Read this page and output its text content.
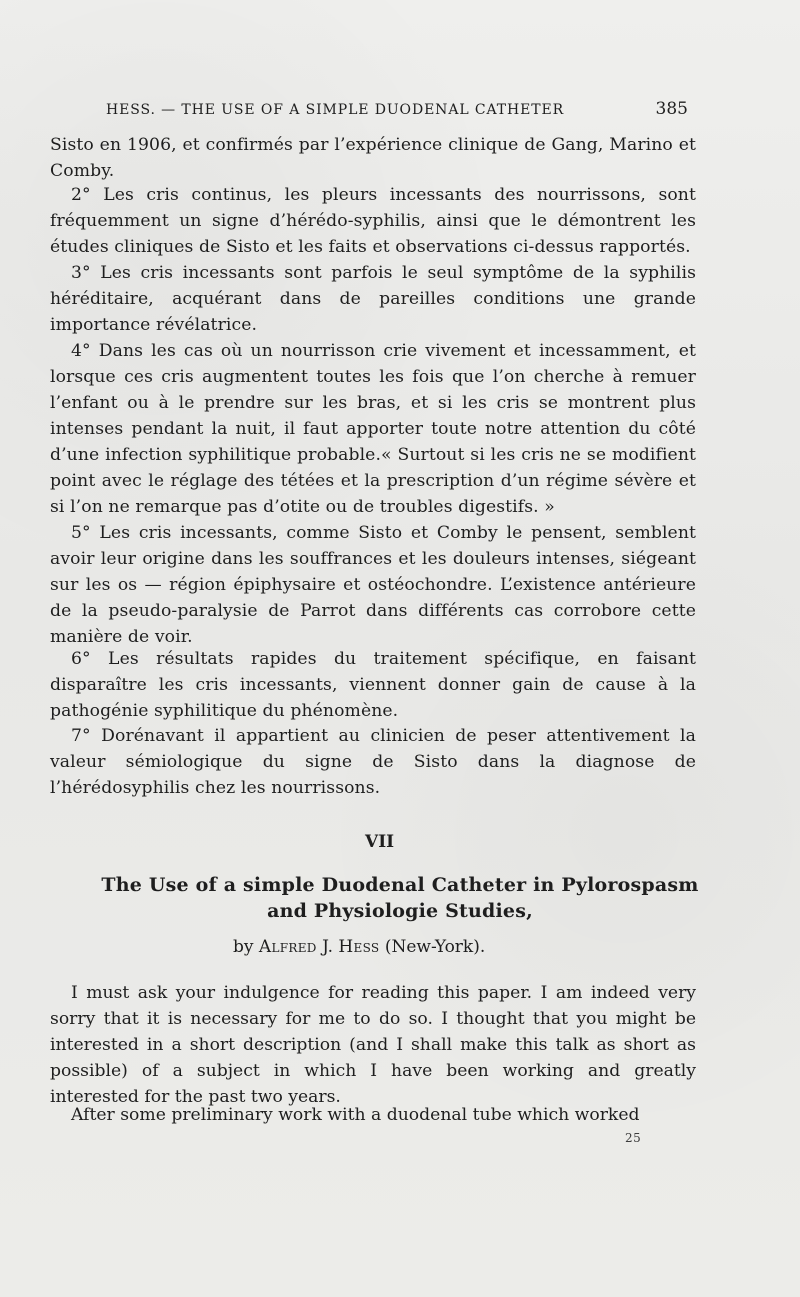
HESS. — THE USE OF A SIMPLE DUODENAL CATHETER	385
Sisto en 1906, et confirmés par l’expérience clinique de Gang, Marino et Comby.
2° Les cris continus, les pleurs incessants des nourrissons, sont fréquemment un signe d’hérédo-syphilis, ainsi que le démontrent les études cliniques de Sisto et les faits et observations ci-dessus rapportés.
3° Les cris incessants sont parfois le seul symptôme de la syphilis héréditaire, acquérant dans de pareilles conditions une grande importance révélatrice.
4° Dans les cas où un nourrisson crie vivement et incessamment, et lorsque ces cris augmentent toutes les fois que l’on cherche à remuer l’enfant ou à le prendre sur les bras, et si les cris se montrent plus intenses pendant la nuit, il faut apporter toute notre attention du côté d’une infection syphilitique probable.« Surtout si les cris ne se modifient point avec le réglage des tétées et la prescription d’un régime sévère et si l’on ne remarque pas d’otite ou de troubles digestifs. »
5° Les cris incessants, comme Sisto et Comby le pensent, semblent avoir leur origine dans les souffrances et les douleurs intenses, siégeant sur les os — région épiphysaire et ostéochondre. L’existence antérieure de la pseudo-paralysie de Parrot dans différents cas corrobore cette manière de voir.
6° Les résultats rapides du traitement spécifique, en faisant disparaître les cris incessants, viennent donner gain de cause à la pathogénie syphilitique du phénomène.
7° Dorénavant il appartient au clinicien de peser attentivement la valeur sémiologique du signe de Sisto dans la diagnose de l’hérédosyphilis chez les nourrissons.
VII
The Use of a simple Duodenal Catheter in Pylorospasm
and Physiologie Studies,
by Alfred J. Hess (New-York).
I must ask your indulgence for reading this paper. I am indeed very sorry that it is necessary for me to do so. I thought that you might be interested in a short description (and I shall make this talk as short as possible) of a subject in which I have been working and greatly interested for the past two years.
After some preliminary work with a duodenal tube which worked
25
